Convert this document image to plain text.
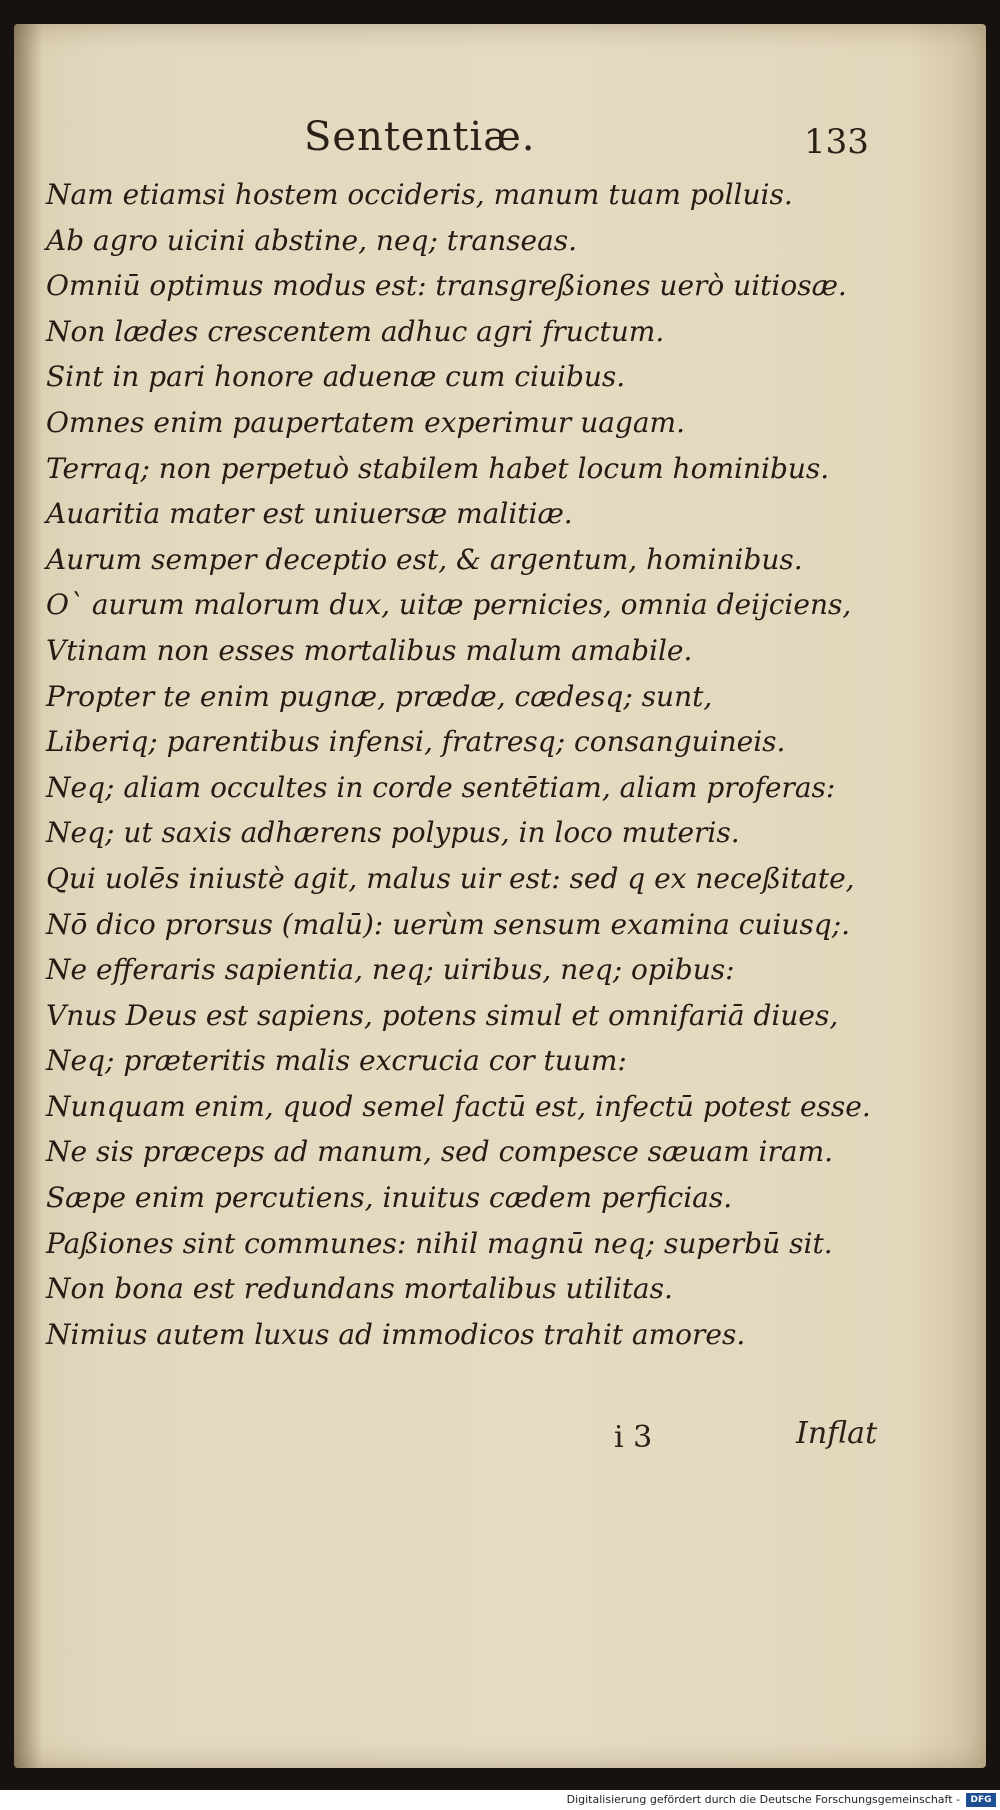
Sententiæ.	133
Nam etiamsi hostem occideris, manum tuam polluis.
Ab agro uicini abstine, neq; transeas.
Omniū optimus modus est: transgreßiones uerò uitiosæ.
Non lædes crescentem adhuc agri fructum.
Sint in pari honore aduenæ cum ciuibus.
Omnes enim paupertatem experimur uagam.
Terraq; non perpetuò stabilem habet locum hominibus.
Auaritia mater est uniuersæ malitiæ.
Aurum semper deceptio est, & argentum, hominibus.
O` aurum malorum dux, uitæ pernicies, omnia deijciens,
Vtinam non esses mortalibus malum amabile.
Propter te enim pugnæ, prædæ, cædesq; sunt,
Liberiq; parentibus infensi, fratresq; consanguineis.
Neq; aliam occultes in corde sentētiam, aliam proferas:
Neq; ut saxis adhærens polypus, in loco muteris.
Qui uolēs iniustè agit, malus uir est: sed q ex neceßitate,
Nō dico prorsus (malū): uerùm sensum examina cuiusq;.
Ne efferaris sapientia, neq; uiribus, neq; opibus:
Vnus Deus est sapiens, potens simul et omnifariā diues,
Neq; præteritis malis excrucia cor tuum:
Nunquam enim, quod semel factū est, infectū potest esse.
Ne sis præceps ad manum, sed compesce sæuam iram.
Sæpe enim percutiens, inuitus cædem perficias.
Paßiones sint communes: nihil magnū neq; superbū sit.
Non bona est redundans mortalibus utilitas.
Nimius autem luxus ad immodicos trahit amores.
i 3	Inflat
Digitalisierung gefördert durch die Deutsche Forschungsgemeinschaft -	DFG
